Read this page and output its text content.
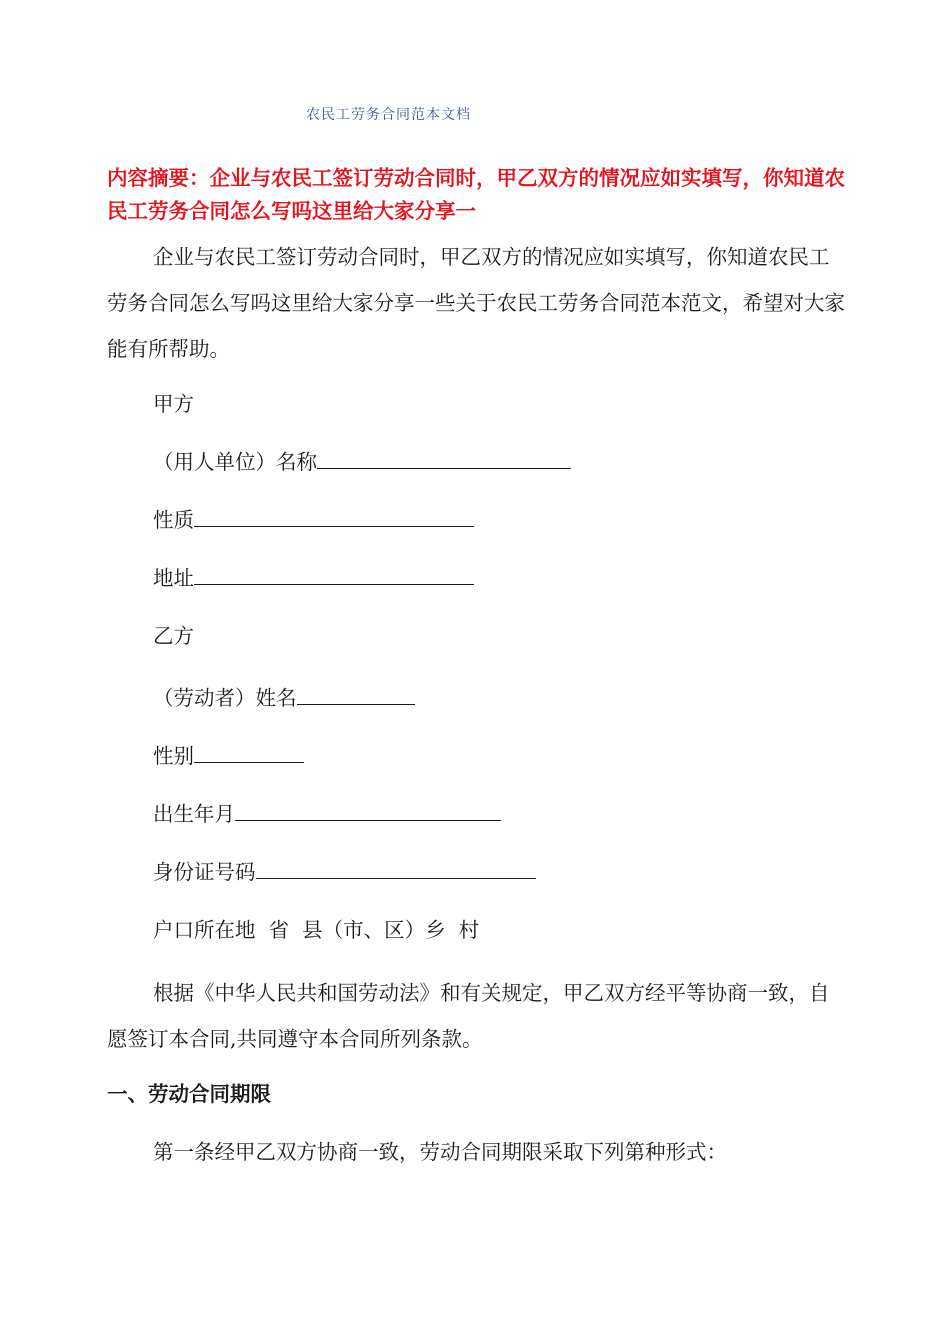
农民工劳务合同范本文档
内容摘要：企业与农民工签订劳动合同时，甲乙双方的情况应如实填写，你知道农民工劳务合同怎么写吗这里给大家分享一
企业与农民工签订劳动合同时，甲乙双方的情况应如实填写，你知道农民工劳务合同怎么写吗这里给大家分享一些关于农民工劳务合同范本范文，希望对大家能有所帮助。
甲方
（用人单位）名称
性质
地址
乙方
（劳动者）姓名
性别
出生年月
身份证号码
户口所在地  省  县（市、区）乡  村
根据《中华人民共和国劳动法》和有关规定，甲乙双方经平等协商一致，自愿签订本合同,共同遵守本合同所列条款。
一、劳动合同期限
第一条经甲乙双方协商一致，劳动合同期限采取下列第种形式：
